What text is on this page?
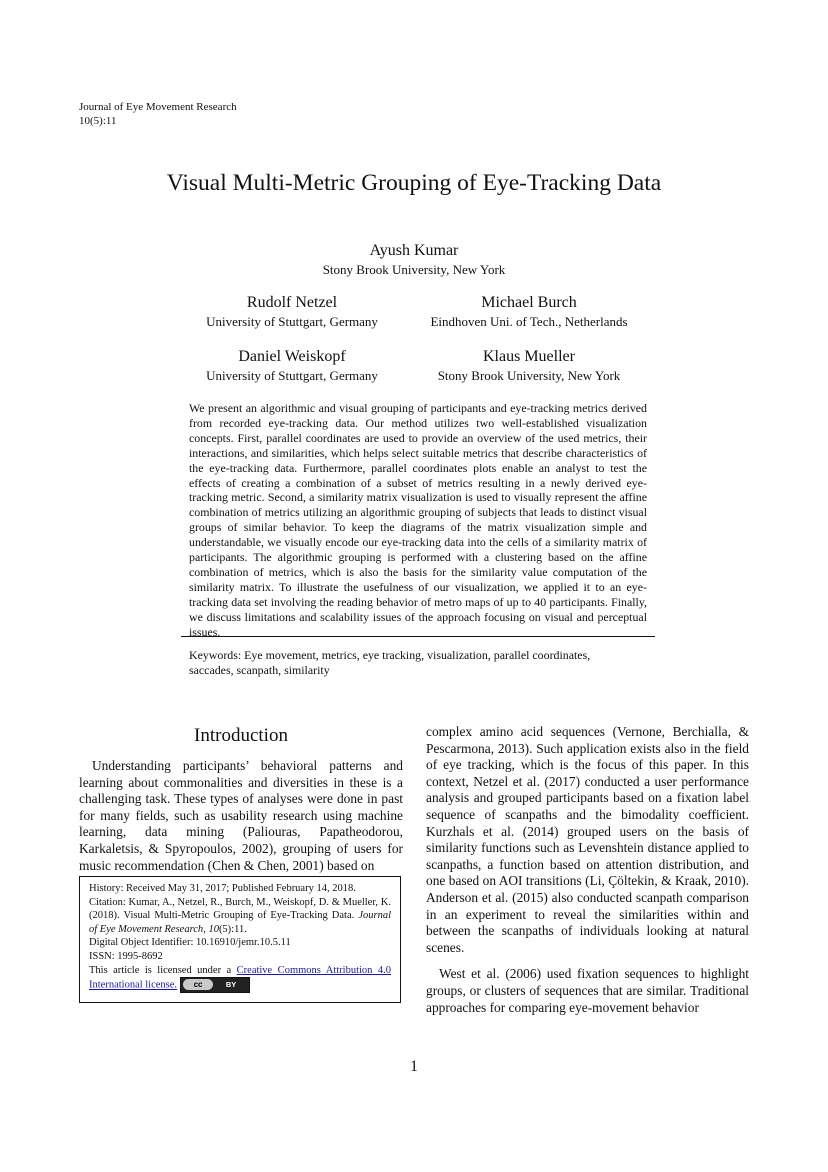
Journal of Eye Movement Research
10(5):11
Visual Multi-Metric Grouping of Eye-Tracking Data
Ayush Kumar
Stony Brook University, New York
Rudolf Netzel
University of Stuttgart, Germany
Michael Burch
Eindhoven Uni. of Tech., Netherlands
Daniel Weiskopf
University of Stuttgart, Germany
Klaus Mueller
Stony Brook University, New York
We present an algorithmic and visual grouping of participants and eye-tracking metrics derived from recorded eye-tracking data. Our method utilizes two well-established visualization concepts. First, parallel coordinates are used to provide an overview of the used metrics, their interactions, and similarities, which helps select suitable metrics that describe characteristics of the eye-tracking data. Furthermore, parallel coordinates plots enable an analyst to test the effects of creating a combination of a subset of metrics resulting in a newly derived eye-tracking metric. Second, a similarity matrix visualization is used to visually represent the affine combination of metrics utilizing an algorithmic grouping of subjects that leads to distinct visual groups of similar behavior. To keep the diagrams of the matrix visualization simple and understandable, we visually encode our eye-tracking data into the cells of a similarity matrix of participants. The algorithmic grouping is performed with a clustering based on the affine combination of metrics, which is also the basis for the similarity value computation of the similarity matrix. To illustrate the usefulness of our visualization, we applied it to an eye-tracking data set involving the reading behavior of metro maps of up to 40 participants. Finally, we discuss limitations and scalability issues of the approach focusing on visual and perceptual issues.
Keywords: Eye movement, metrics, eye tracking, visualization, parallel coordinates, saccades, scanpath, similarity
Introduction

Understanding participants’ behavioral patterns and learning about commonalities and diversities in these is a challenging task. These types of analyses were done in past for many fields, such as usability research using machine learning, data mining (Paliouras, Papatheodorou, Karkaletsis, & Spyropoulos, 2002), grouping of users for music recommendation (Chen & Chen, 2001) based on

History: Received May 31, 2017; Published February 14, 2018.
Citation: Kumar, A., Netzel, R., Burch, M., Weiskopf, D. & Mueller, K. (2018). Visual Multi-Metric Grouping of Eye-Tracking Data. Journal of Eye Movement Research, 10(5):11.
Digital Object Identifier: 10.16910/jemr.10.5.11
ISSN: 1995-8692
This article is licensed under a Creative Commons Attribution 4.0 International license.	cc	BY

complex amino acid sequences (Vernone, Berchialla, & Pescarmona, 2013). Such application exists also in the field of eye tracking, which is the focus of this paper. In this context, Netzel et al. (2017) conducted a user performance analysis and grouped participants based on a fixation label sequence of scanpaths and the bimodality coefficient. Kurzhals et al. (2014) grouped users on the basis of similarity functions such as Levenshtein distance applied to scanpaths, a function based on attention distribution, and one based on AOI transitions (Li, Çöltekin, & Kraak, 2010). Anderson et al. (2015) also conducted scanpath comparison in an experiment to reveal the similarities within and between the scanpaths of individuals looking at natural scenes.

West et al. (2006) used fixation sequences to highlight groups, or clusters of sequences that are similar. Traditional approaches for comparing eye-movement behavior

1
